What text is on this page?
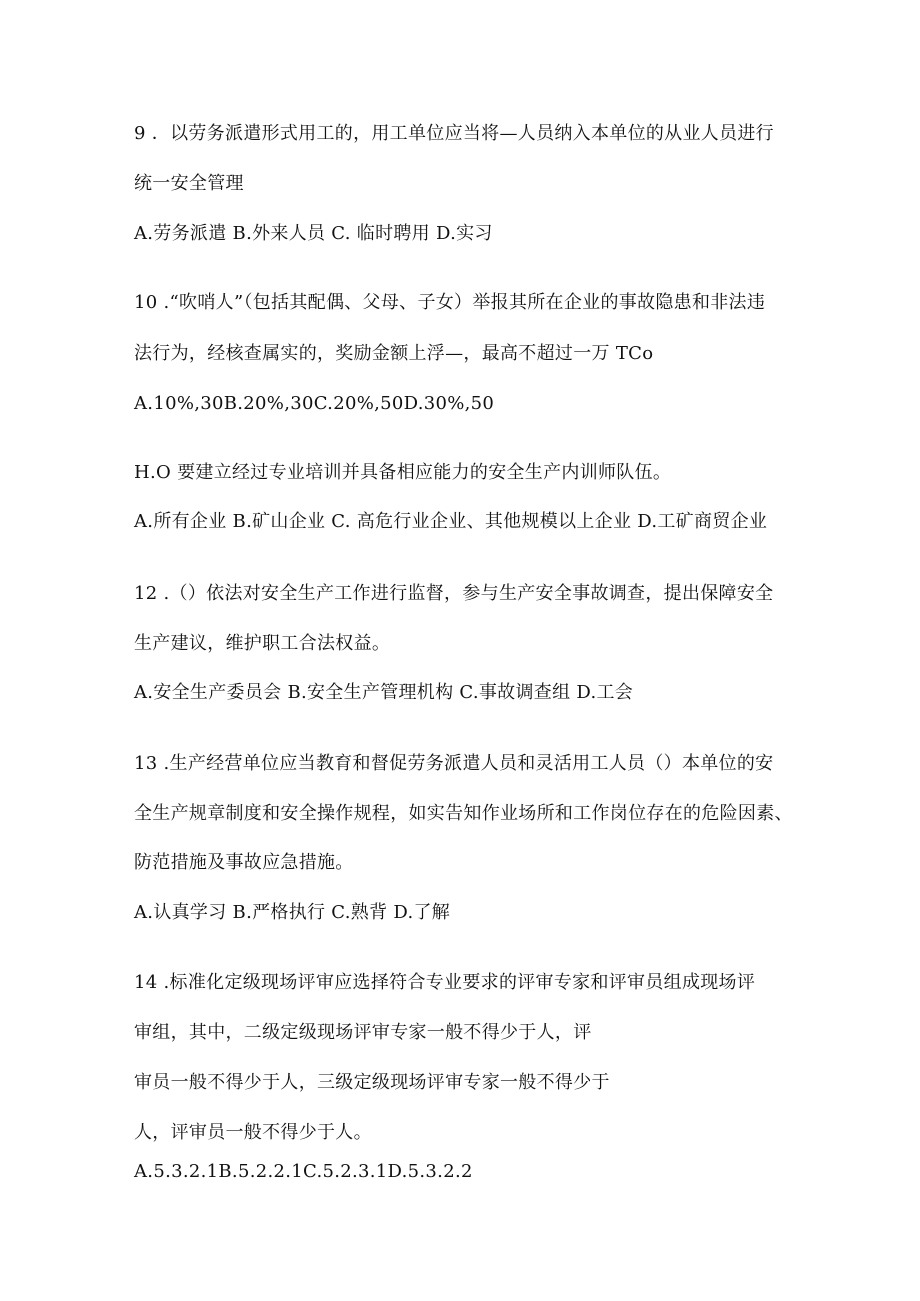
9 ．以劳务派遣形式用工的，用工单位应当将—人员纳入本单位的从业人员进行
统一安全管理
A.劳务派遣 B.外来人员 C. 临时聘用 D.实习
10 .“吹哨人”（包括其配偶、父母、子女）举报其所在企业的事故隐患和非法违
法行为，经核查属实的，奖励金额上浮—，最高不超过一万 TCo
A.10%,30B.20%,30C.20%,50D.30%,50
H.O 要建立经过专业培训并具备相应能力的安全生产内训师队伍。
A.所有企业 B.矿山企业 C. 高危行业企业、其他规模以上企业 D.工矿商贸企业
12 .（）依法对安全生产工作进行监督，参与生产安全事故调查，提出保障安全
生产建议，维护职工合法权益。
A.安全生产委员会 B.安全生产管理机构 C.事故调查组 D.工会
13 .生产经营单位应当教育和督促劳务派遣人员和灵活用工人员（）本单位的安
全生产规章制度和安全操作规程，如实告知作业场所和工作岗位存在的危险因素、
防范措施及事故应急措施。
A.认真学习 B.严格执行 C.熟背 D.了解
14 .标准化定级现场评审应选择符合专业要求的评审专家和评审员组成现场评
审组，其中，二级定级现场评审专家一般不得少于人，评
审员一般不得少于人，三级定级现场评审专家一般不得少于
人，评审员一般不得少于人。
A.5.3.2.1B.5.2.2.1C.5.2.3.1D.5.3.2.2
